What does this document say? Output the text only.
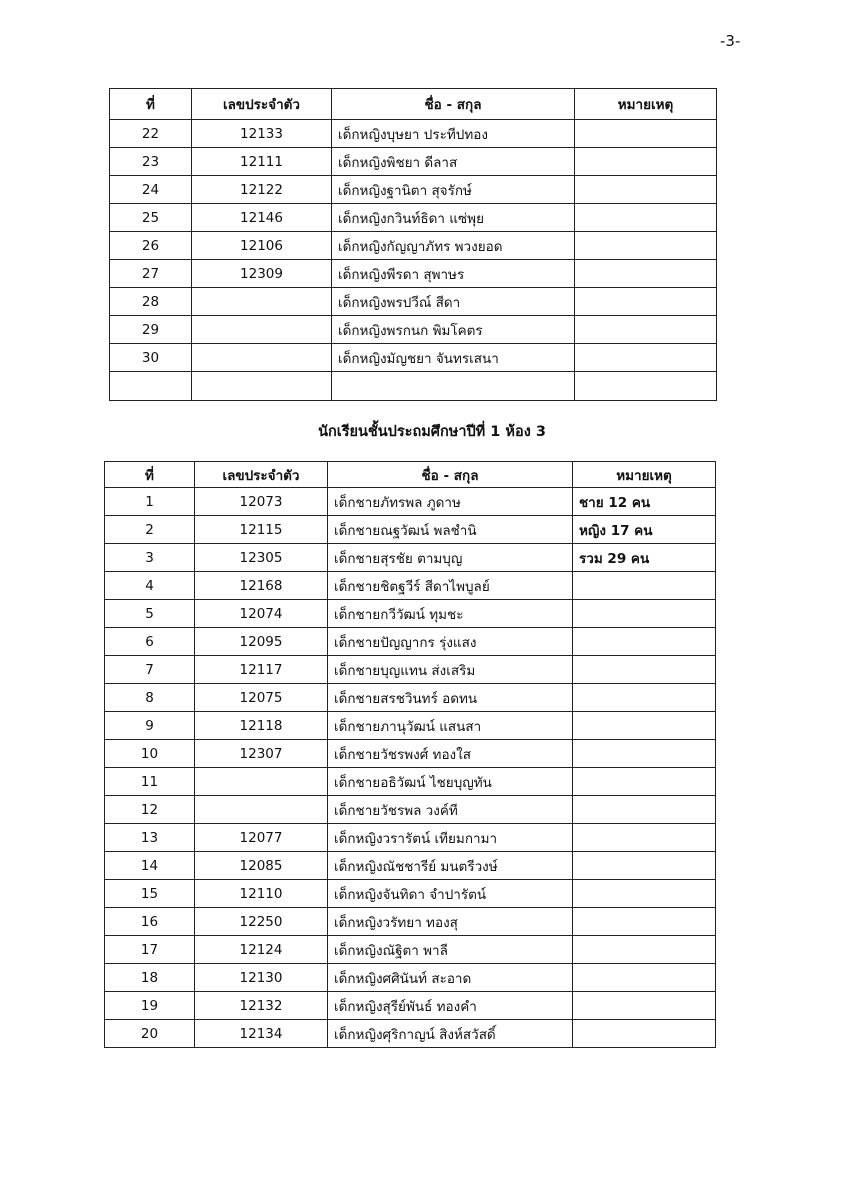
-3-
ที่	เลขประจำตัว	ชื่อ - สกุล	หมายเหตุ
22	12133	เด็กหญิงบุษยา ประทีปทอง	
23	12111	เด็กหญิงพิชยา ดีลาส	
24	12122	เด็กหญิงฐานิตา สุจรักษ์	
25	12146	เด็กหญิงกวินท์ธิดา แซ่พุย	
26	12106	เด็กหญิงกัญญาภัทร พวงยอด	
27	12309	เด็กหญิงพีรดา สุพาษร	
28		เด็กหญิงพรปวีณ์ สีดา	
29		เด็กหญิงพรกนก พิมโคตร	
30		เด็กหญิงมัญชยา จันทรเสนา	

นักเรียนชั้นประถมศึกษาปีที่ 1 ห้อง 3
ที่	เลขประจำตัว	ชื่อ - สกุล	หมายเหตุ
1	12073	เด็กชายภัทรพล ภูดาษ	ชาย 12 คน
2	12115	เด็กชายณฐวัฒน์ พลชำนิ	หญิง 17 คน
3	12305	เด็กชายสุรชัย ตามบุญ	รวม 29 คน
4	12168	เด็กชายชิตฐวีร์ สีดาไพบูลย์	
5	12074	เด็กชายกวีวัฒน์ ทุมชะ	
6	12095	เด็กชายปัญญากร รุ่งแสง	
7	12117	เด็กชายบุญแทน ส่งเสริม	
8	12075	เด็กชายสรชวินทร์ อดทน	
9	12118	เด็กชายภานุวัฒน์ แสนสา	
10	12307	เด็กชายวัชรพงศ์ ทองใส	
11		เด็กชายอธิวัฒน์ ไชยบุญทัน	
12		เด็กชายวัชรพล วงค์ที	
13	12077	เด็กหญิงวรารัตน์ เทียมกามา	
14	12085	เด็กหญิงณัชชารีย์ มนตรีวงษ์	
15	12110	เด็กหญิงจันทิดา จำปารัตน์	
16	12250	เด็กหญิงวรัทยา ทองสุ	
17	12124	เด็กหญิงณัฐิตา พาลี	
18	12130	เด็กหญิงศศินันท์ สะอาด	
19	12132	เด็กหญิงสุรีย์พันธ์ ทองคำ	
20	12134	เด็กหญิงศุริกาญน์ สิงห์สวัสดิ์	
